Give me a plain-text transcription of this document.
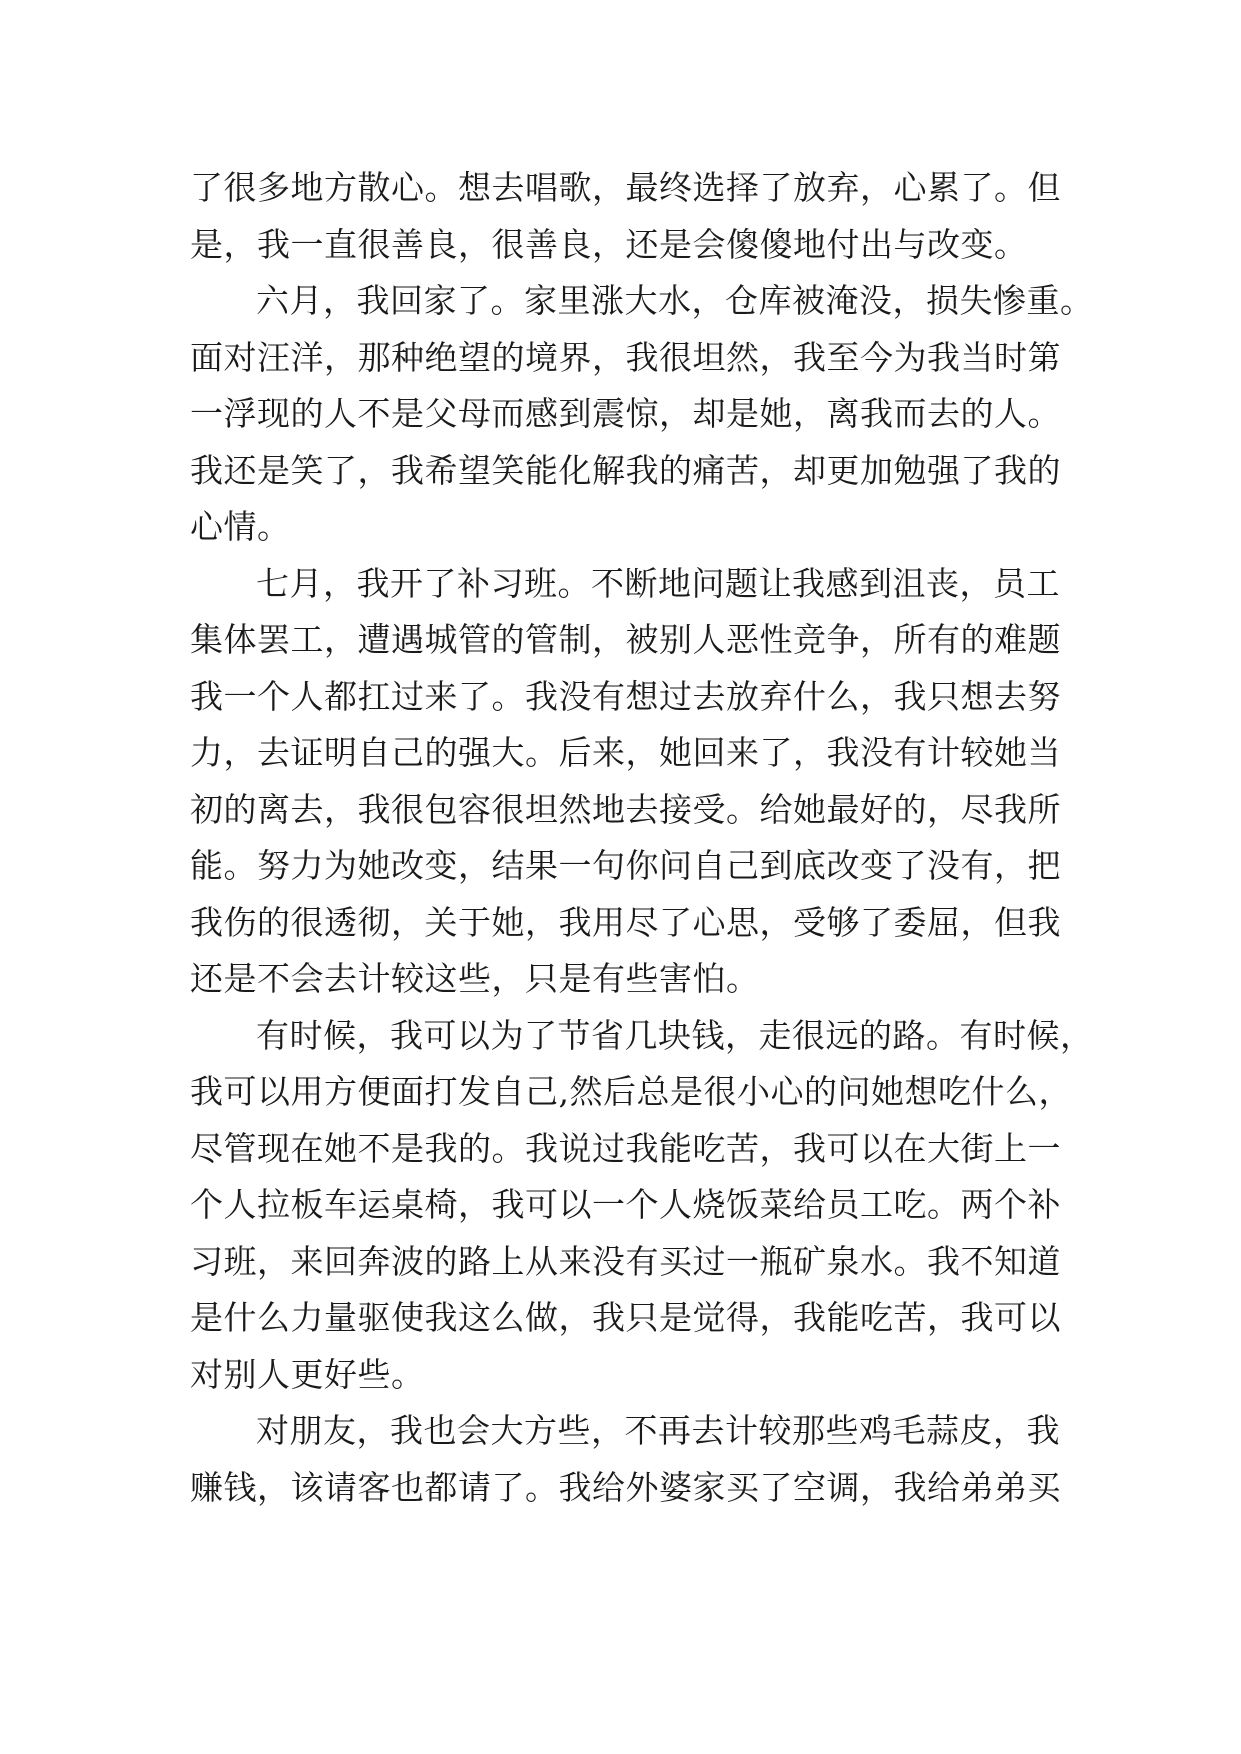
了很多地方散心。想去唱歌，最终选择了放弃，心累了。但
是，我一直很善良，很善良，还是会傻傻地付出与改变。
六月，我回家了。家里涨大水，仓库被淹没，损失惨重。
面对汪洋，那种绝望的境界，我很坦然，我至今为我当时第
一浮现的人不是父母而感到震惊，却是她，离我而去的人。
我还是笑了，我希望笑能化解我的痛苦，却更加勉强了我的
心情。
七月，我开了补习班。不断地问题让我感到沮丧，员工
集体罢工，遭遇城管的管制，被别人恶性竞争，所有的难题
我一个人都扛过来了。我没有想过去放弃什么，我只想去努
力，去证明自己的强大。后来，她回来了，我没有计较她当
初的离去，我很包容很坦然地去接受。给她最好的，尽我所
能。努力为她改变，结果一句你问自己到底改变了没有，把
我伤的很透彻，关于她，我用尽了心思，受够了委屈，但我
还是不会去计较这些，只是有些害怕。
有时候，我可以为了节省几块钱，走很远的路。有时候，
我可以用方便面打发自己,然后总是很小心的问她想吃什么，
尽管现在她不是我的。我说过我能吃苦，我可以在大街上一
个人拉板车运桌椅，我可以一个人烧饭菜给员工吃。两个补
习班，来回奔波的路上从来没有买过一瓶矿泉水。我不知道
是什么力量驱使我这么做，我只是觉得，我能吃苦，我可以
对别人更好些。
对朋友，我也会大方些，不再去计较那些鸡毛蒜皮，我
赚钱，该请客也都请了。我给外婆家买了空调，我给弟弟买
